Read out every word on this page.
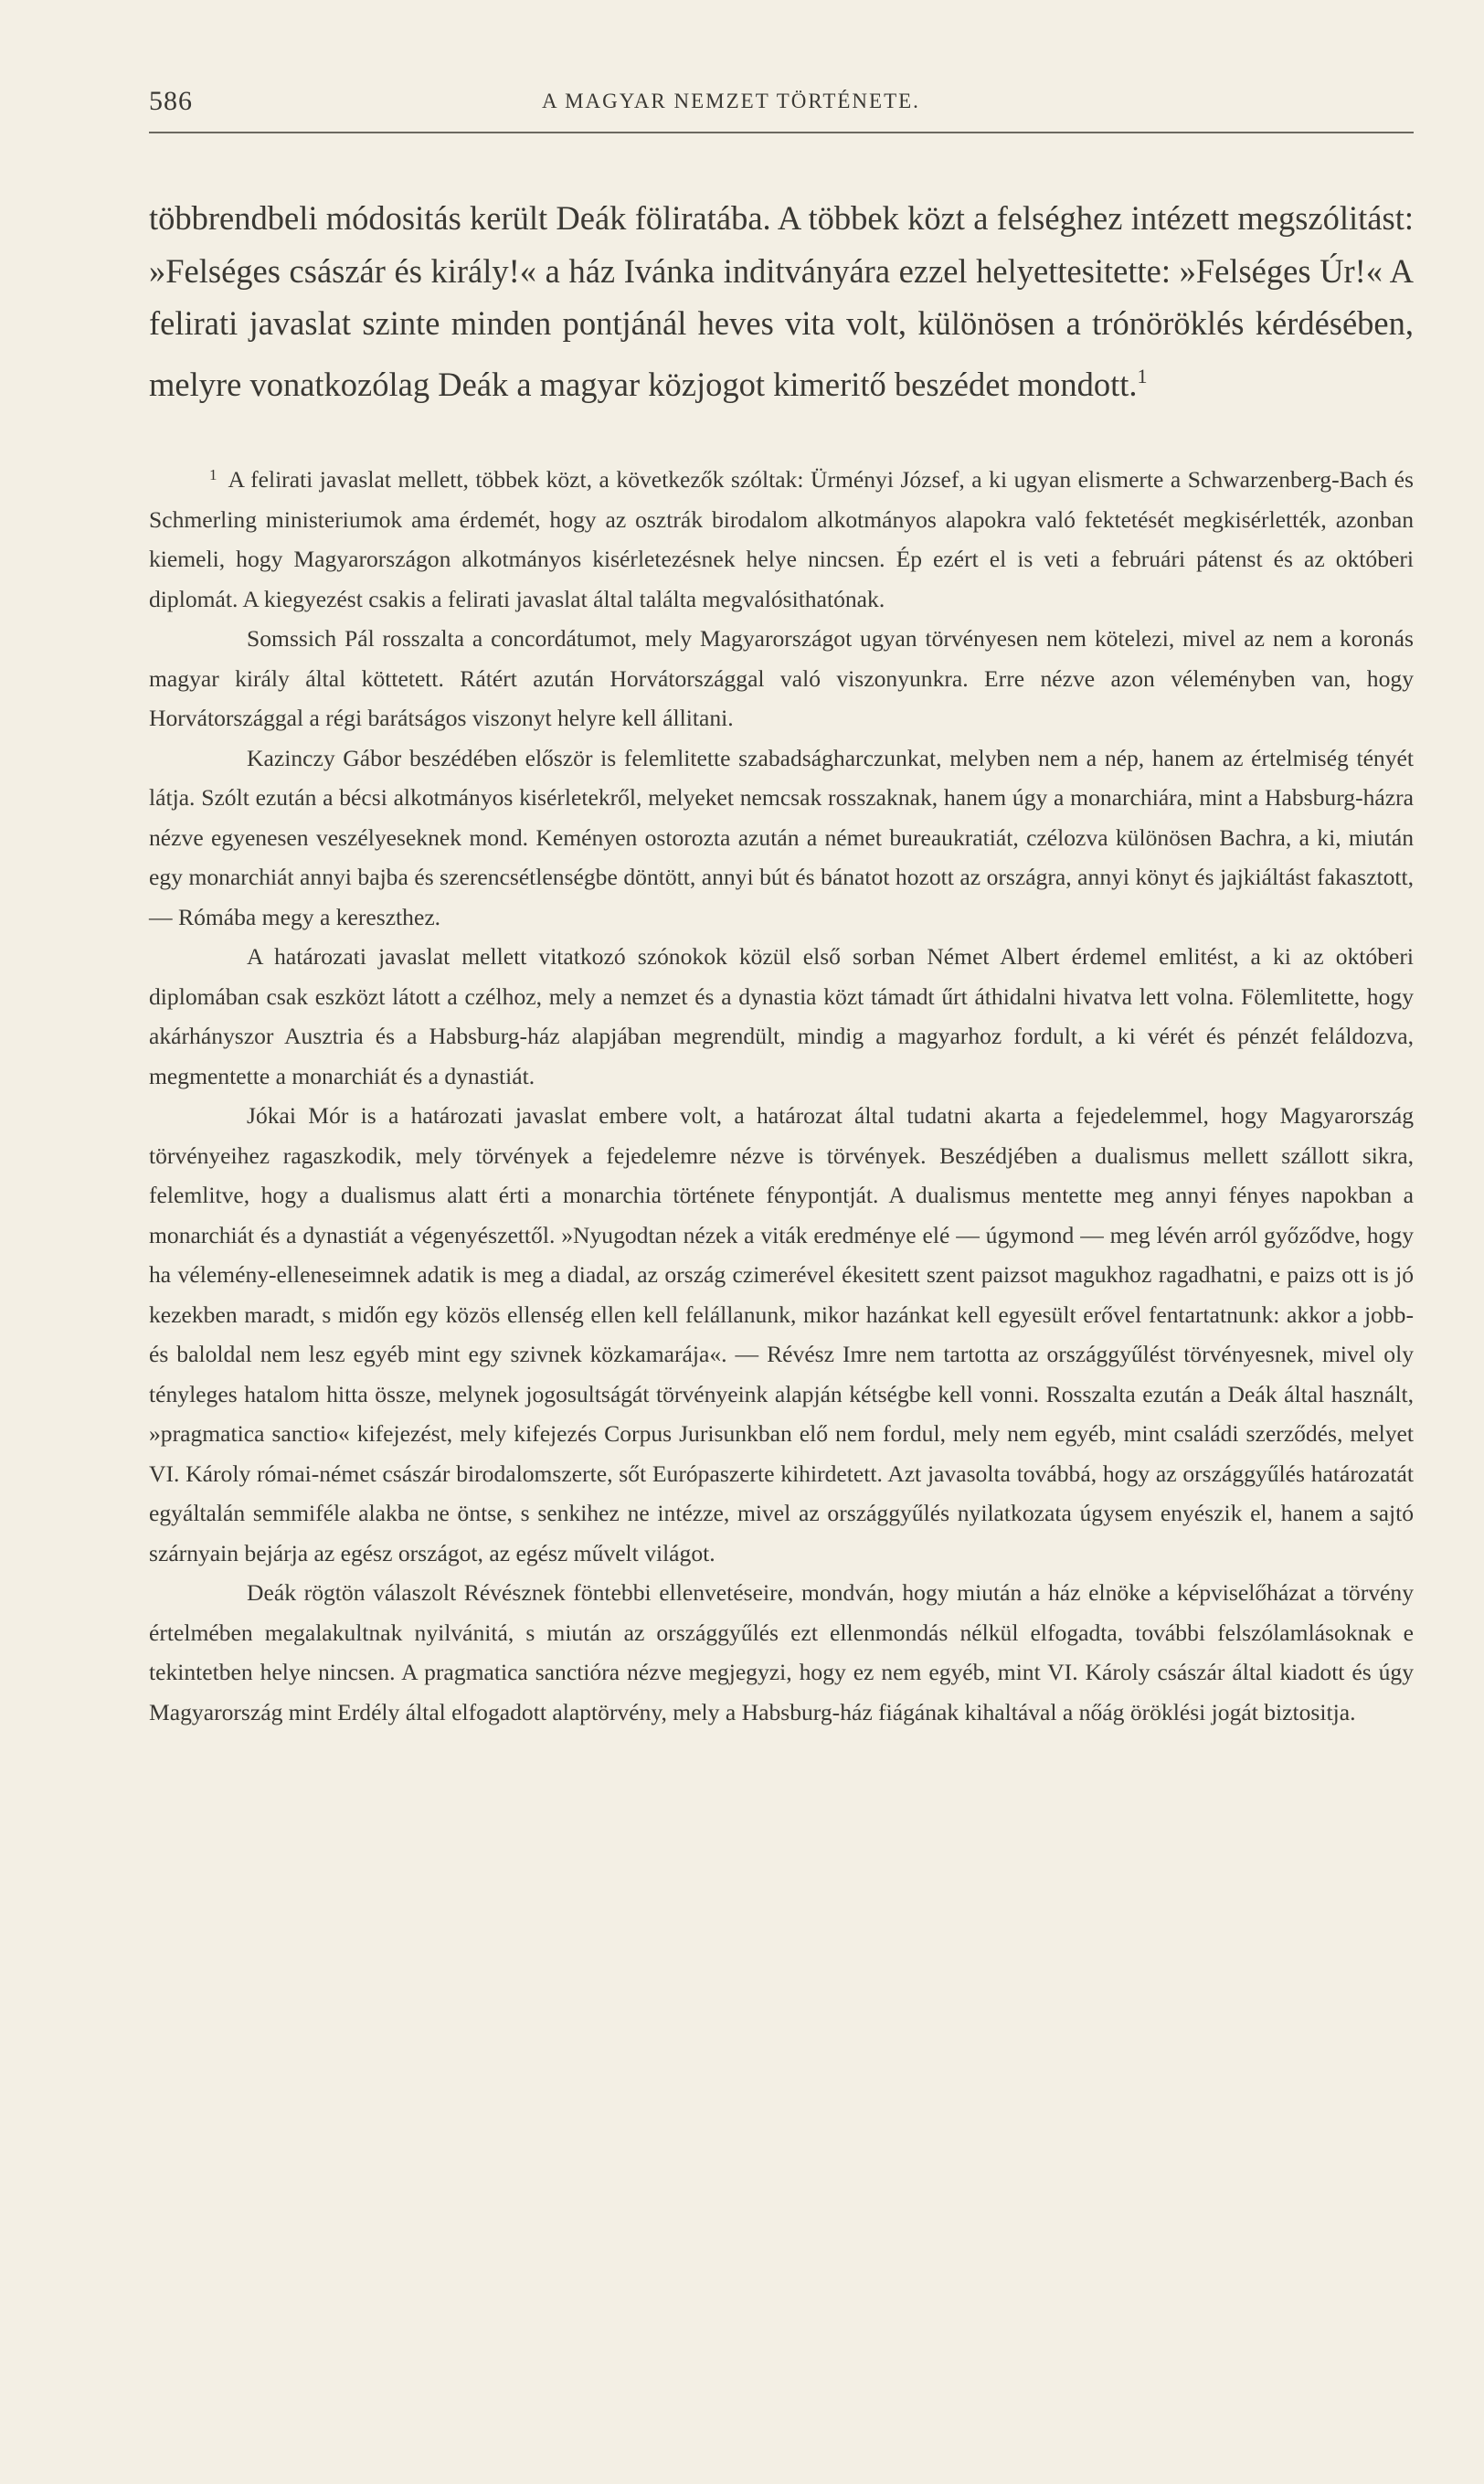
586	A MAGYAR NEMZET TÖRTÉNETE.

többrendbeli módositás került Deák föliratába. A többek közt a felséghez intézett megszólitást: »Felséges császár és király!« a ház Ivánka inditványára ezzel helyettesitette: »Felséges Úr!« A felirati javaslat szinte minden pontjánál heves vita volt, különösen a trónöröklés kérdésében, melyre vonatkozólag Deák a magyar közjogot kimeritő beszédet mondott.$^1$

$^1$ A felirati javaslat mellett, többek közt, a következők szóltak: Ürményi József, a ki ugyan elismerte a Schwarzenberg-Bach és Schmerling ministeriumok ama érdemét, hogy az osztrák birodalom alkotmányos alapokra való fektetését megkisérlették, azonban kiemeli, hogy Magyarországon alkotmányos kisérletezésnek helye nincsen. Ép ezért el is veti a februári pátenst és az októberi diplomát. A kiegyezést csakis a felirati javaslat által találta megvalósithatónak.

Somssich Pál rosszalta a concordátumot, mely Magyarországot ugyan törvényesen nem kötelezi, mivel az nem a koronás magyar király által köttetett. Rátért azután Horvátországgal való viszonyunkra. Erre nézve azon véleményben van, hogy Horvátországgal a régi barátságos viszonyt helyre kell állitani.

Kazinczy Gábor beszédében először is felemlitette szabadságharczunkat, melyben nem a nép, hanem az értelmiség tényét látja. Szólt ezután a bécsi alkotmányos kisérletekről, melyeket nemcsak rosszaknak, hanem úgy a monarchiára, mint a Habsburg-házra nézve egyenesen veszélyeseknek mond. Keményen ostorozta azután a német bureaukratiát, czélozva különösen Bachra, a ki, miután egy monarchiát annyi bajba és szerencsétlenségbe döntött, annyi bút és bánatot hozott az országra, annyi könyt és jajkiáltást fakasztott, — Rómába megy a kereszthez.

A határozati javaslat mellett vitatkozó szónokok közül első sorban Német Albert érdemel emlitést, a ki az októberi diplomában csak eszközt látott a czélhoz, mely a nemzet és a dynastia közt támadt űrt áthidalni hivatva lett volna. Fölemlitette, hogy akárhányszor Ausztria és a Habsburg-ház alapjában megrendült, mindig a magyarhoz fordult, a ki vérét és pénzét feláldozva, megmentette a monarchiát és a dynastiát.

Jókai Mór is a határozati javaslat embere volt, a határozat által tudatni akarta a fejedelemmel, hogy Magyarország törvényeihez ragaszkodik, mely törvények a fejedelemre nézve is törvények. Beszédjében a dualismus mellett szállott sikra, felemlitve, hogy a dualismus alatt érti a monarchia története fénypontját. A dualismus mentette meg annyi fényes napokban a monarchiát és a dynastiát a végenyészettől. »Nyugodtan nézek a viták eredménye elé — úgymond — meg lévén arról győződve, hogy ha vélemény-elleneseimnek adatik is meg a diadal, az ország czimerével ékesitett szent paizsot magukhoz ragadhatni, e paizs ott is jó kezekben maradt, s midőn egy közös ellenség ellen kell felállanunk, mikor hazánkat kell egyesült erővel fentartatnunk: akkor a jobb- és baloldal nem lesz egyéb mint egy szivnek közkamarája«. — Révész Imre nem tartotta az országgyűlést törvényesnek, mivel oly tényleges hatalom hitta össze, melynek jogosultságát törvényeink alapján kétségbe kell vonni. Rosszalta ezután a Deák által használt, »pragmatica sanctio« kifejezést, mely kifejezés Corpus Jurisunkban elő nem fordul, mely nem egyéb, mint családi szerződés, melyet VI. Károly római-német császár birodalomszerte, sőt Európaszerte kihirdetett. Azt javasolta továbbá, hogy az országgyűlés határozatát egyáltalán semmiféle alakba ne öntse, s senkihez ne intézze, mivel az országgyűlés nyilatkozata úgysem enyészik el, hanem a sajtó szárnyain bejárja az egész országot, az egész művelt világot.

Deák rögtön válaszolt Révésznek föntebbi ellenvetéseire, mondván, hogy miután a ház elnöke a képviselőházat a törvény értelmében megalakultnak nyilvánitá, s miután az országgyűlés ezt ellenmondás nélkül elfogadta, további felszólamlásoknak e tekintetben helye nincsen. A pragmatica sanctióra nézve megjegyzi, hogy ez nem egyéb, mint VI. Károly császár által kiadott és úgy Magyarország mint Erdély által elfogadott alaptörvény, mely a Habsburg-ház fiágának kihaltával a nőág öröklési jogát biztositja.
